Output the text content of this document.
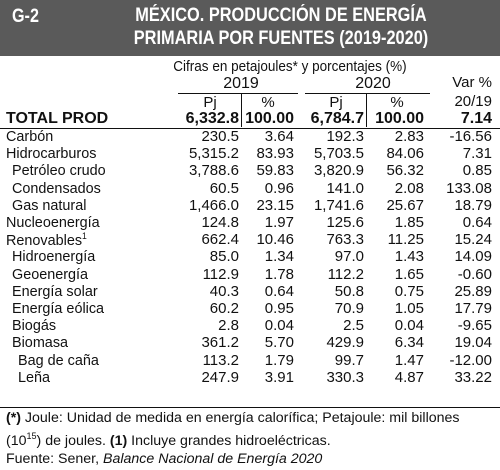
G-2	MÉXICO. PRODUCCIÓN DE ENERGÍA PRIMARIA POR FUENTES (2019-2020)
Cifras en petajoules* y porcentajes (%)
2019	2020	Var %
20/19
Pj	%	Pj	%
TOTAL PROD	6,332.8 100.00	6,784.7 100.00	7.14
Carbón	230.5	3.64	192.3	2.83	-16.56
Hidrocarburos	5,315.2	83.93	5,703.5	84.06	7.31
Petróleo crudo	3,788.6	59.83	3,820.9	56.32	0.85
Condensados	60.5	0.96	141.0	2.08	133.08
Gas natural	1,466.0	23.15	1,741.6	25.67	18.79
Nucleoenergía	124.8	1.97	125.6	1.85	0.64
Renovables$^1$	662.4	10.46	763.3	11.25	15.24
Hidroenergía	85.0	1.34	97.0	1.43	14.09
Geoenergía	112.9	1.78	112.2	1.65	-0.60
Energía solar	40.3	0.64	50.8	0.75	25.89
Energía eólica	60.2	0.95	70.9	1.05	17.79
Biogás	2.8	0.04	2.5	0.04	-9.65
Biomasa	361.2	5.70	429.9	6.34	19.04
Bag de caña	113.2	1.79	99.7	1.47	-12.00
Leña	247.9	3.91	330.3	4.87	33.22
(*) Joule: Unidad de medida en energía calorífica; Petajoule: mil billones $(10^{15})$ de joules. (1) Incluye grandes hidroeléctricas.
Fuente: Sener, Balance Nacional de Energía 2020
